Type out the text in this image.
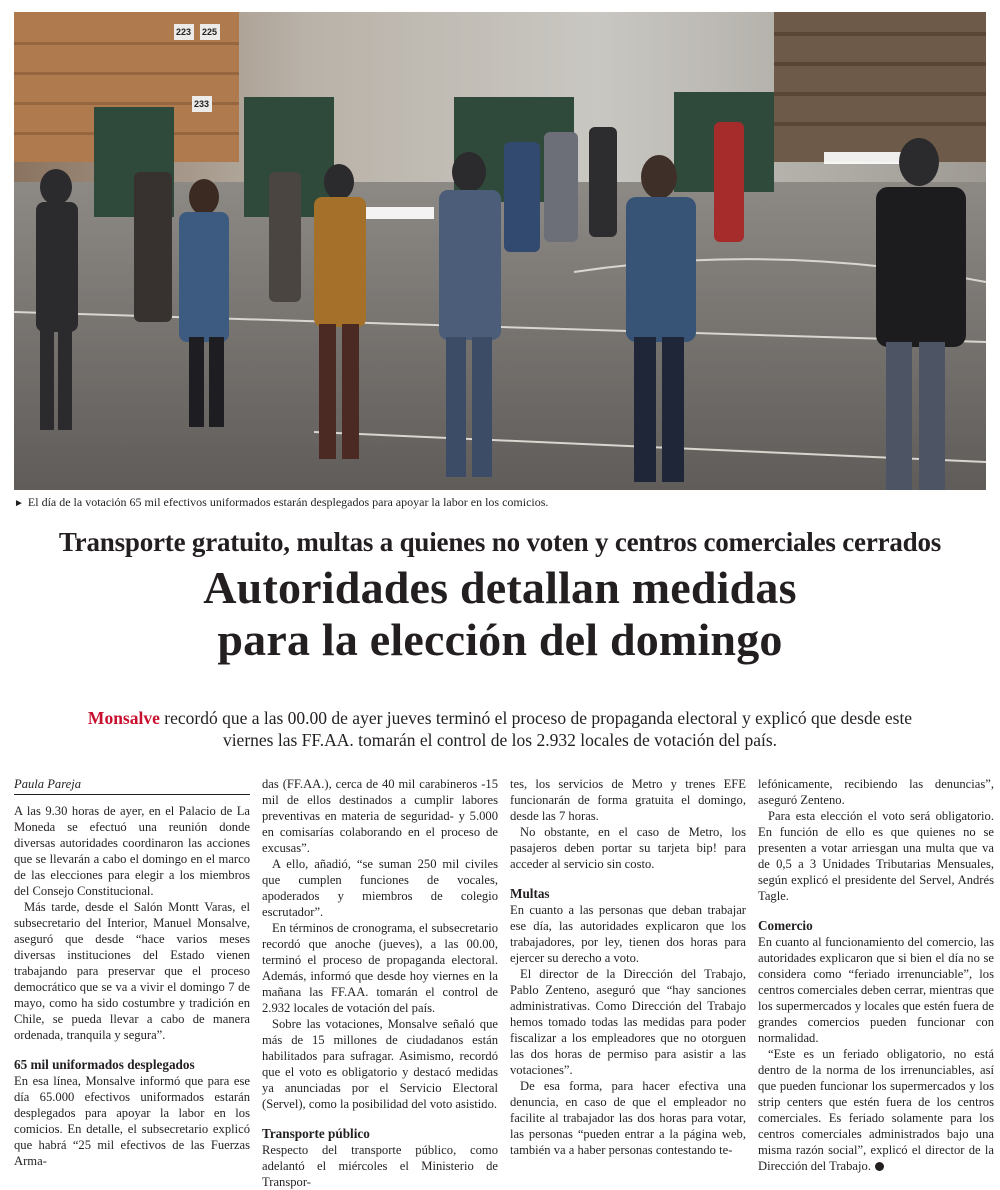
233
225
223
► El día de la votación 65 mil efectivos uniformados estarán desplegados para apoyar la labor en los comicios.
Transporte gratuito, multas a quienes no voten y centros comerciales cerrados
Autoridades detallan medidas
para la elección del domingo
Monsalve recordó que a las 00.00 de ayer jueves terminó el proceso de propaganda electoral y explicó que desde este viernes las FF.AA. tomarán el control de los 2.932 locales de votación del país.
Paula Pareja

A las 9.30 horas de ayer, en el Palacio de La Moneda se efectuó una reunión donde diversas autoridades coordinaron las acciones que se llevarán a cabo el domingo en el marco de las elecciones para elegir a los miembros del Consejo Constitucional.

Más tarde, desde el Salón Montt Varas, el subsecretario del Interior, Manuel Monsalve, aseguró que desde “hace varios meses diversas instituciones del Estado vienen trabajando para preservar que el proceso democrático que se va a vivir el domingo 7 de mayo, como ha sido costumbre y tradición en Chile, se pueda llevar a cabo de manera ordenada, tranquila y segura”.

65 mil uniformados desplegados

En esa línea, Monsalve informó que para ese día 65.000 efectivos uniformados estarán desplegados para apoyar la labor en los comicios. En detalle, el subsecretario explicó que habrá “25 mil efectivos de las Fuerzas Arma-

das (FF.AA.), cerca de 40 mil carabineros -15 mil de ellos destinados a cumplir labores preventivas en materia de seguridad- y 5.000 en comisarías colaborando en el proceso de excusas”.

A ello, añadió, “se suman 250 mil civiles que cumplen funciones de vocales, apoderados y miembros de colegio escrutador”.

En términos de cronograma, el subsecretario recordó que anoche (jueves), a las 00.00, terminó el proceso de propaganda electoral. Además, informó que desde hoy viernes en la mañana las FF.AA. tomarán el control de 2.932 locales de votación del país.

Sobre las votaciones, Monsalve señaló que más de 15 millones de ciudadanos están habilitados para sufragar. Asimismo, recordó que el voto es obligatorio y destacó medidas ya anunciadas por el Servicio Electoral (Servel), como la posibilidad del voto asistido.

Transporte público

Respecto del transporte público, como adelantó el miércoles el Ministerio de Transpor-

tes, los servicios de Metro y trenes EFE funcionarán de forma gratuita el domingo, desde las 7 horas.

No obstante, en el caso de Metro, los pasajeros deben portar su tarjeta bip! para acceder al servicio sin costo.

Multas

En cuanto a las personas que deban trabajar ese día, las autoridades explicaron que los trabajadores, por ley, tienen dos horas para ejercer su derecho a voto.

El director de la Dirección del Trabajo, Pablo Zenteno, aseguró que “hay sanciones administrativas. Como Dirección del Trabajo hemos tomado todas las medidas para poder fiscalizar a los empleadores que no otorguen las dos horas de permiso para asistir a las votaciones”.

De esa forma, para hacer efectiva una denuncia, en caso de que el empleador no facilite al trabajador las dos horas para votar, las personas “pueden entrar a la página web, también va a haber personas contestando te-

lefónicamente, recibiendo las denuncias”, aseguró Zenteno.

Para esta elección el voto será obligatorio. En función de ello es que quienes no se presenten a votar arriesgan una multa que va de 0,5 a 3 Unidades Tributarias Mensuales, según explicó el presidente del Servel, Andrés Tagle.

Comercio

En cuanto al funcionamiento del comercio, las autoridades explicaron que si bien el día no se considera como “feriado irrenunciable”, los centros comerciales deben cerrar, mientras que los supermercados y locales que estén fuera de grandes comercios pueden funcionar con normalidad.

“Este es un feriado obligatorio, no está dentro de la norma de los irrenunciables, así que pueden funcionar los supermercados y los strip centers que estén fuera de los centros comerciales. Es feriado solamente para los centros comerciales administrados bajo una misma razón social”, explicó el director de la Dirección del Trabajo.
